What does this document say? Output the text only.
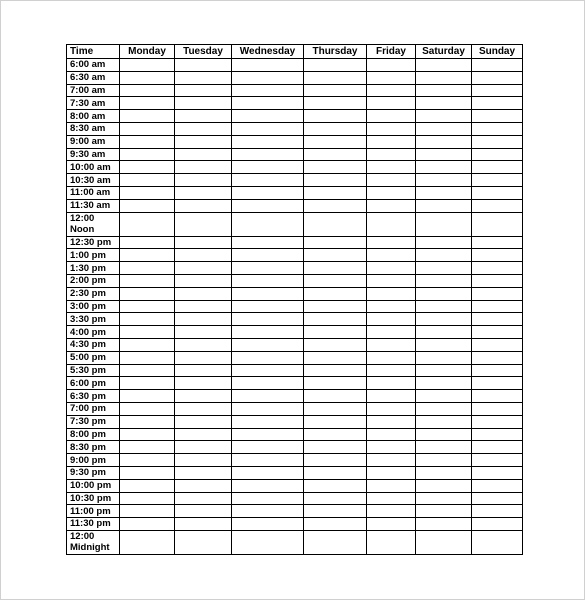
Time	Monday	Tuesday	Wednesday	Thursday	Friday	Saturday	Sunday
6:00 am							
6:30 am							
7:00 am							
7:30 am							
8:00 am							
8:30 am							
9:00 am							
9:30 am							
10:00 am							
10:30 am							
11:00 am							
11:30 am							
12:00 Noon							
12:30 pm							
1:00 pm							
1:30 pm							
2:00 pm							
2:30 pm							
3:00 pm							
3:30 pm							
4:00 pm							
4:30 pm							
5:00 pm							
5:30 pm							
6:00 pm							
6:30 pm							
7:00 pm							
7:30 pm							
8:00 pm							
8:30 pm							
9:00 pm							
9:30 pm							
10:00 pm							
10:30 pm							
11:00 pm							
11:30 pm							
12:00 Midnight							
